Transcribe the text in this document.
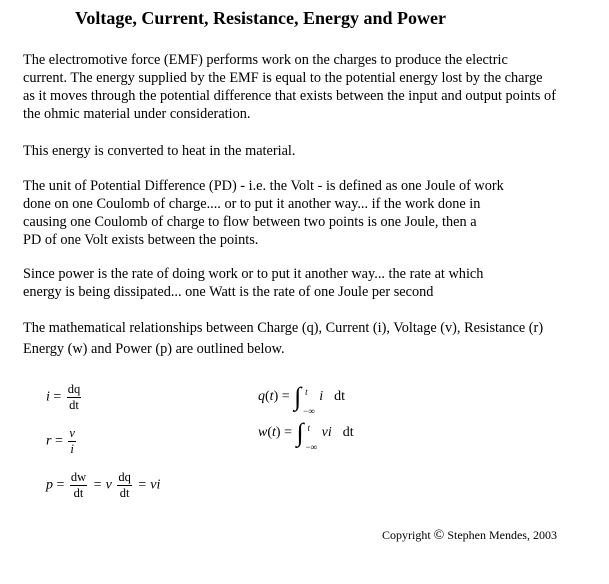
Voltage, Current, Resistance, Energy and Power
The electromotive force (EMF) performs work on the charges to produce the electric
current. The energy supplied by the EMF is equal to the potential energy lost by the charge
as it moves through the potential difference that exists between the input and output points of
the ohmic material under consideration.
This energy is converted to heat in the material.
The unit of Potential Difference (PD) - i.e. the Volt - is defined as one Joule of work
done on one Coulomb of charge.... or to put it another way... if the work done in
causing one Coulomb of charge to flow between two points is one Joule, then a
PD of one Volt exists between the points.
Since power is the rate of doing work or to put it another way... the rate at which
energy is being dissipated... one Watt is the rate of one Joule per second
The mathematical relationships between Charge (q), Current (i), Voltage (v), Resistance (r)
Energy (w) and Power (p) are outlined below.
$i = \frac{dq}{dt}$
$r = \frac{v}{i}$
$p = \frac{dw}{dt} = v \frac{dq}{dt}$ = vi
q(t) = ∫ t
−∞
i dt
w(t) = ∫ t
−∞
vi dt
Copyright © Stephen Mendes, 2003
